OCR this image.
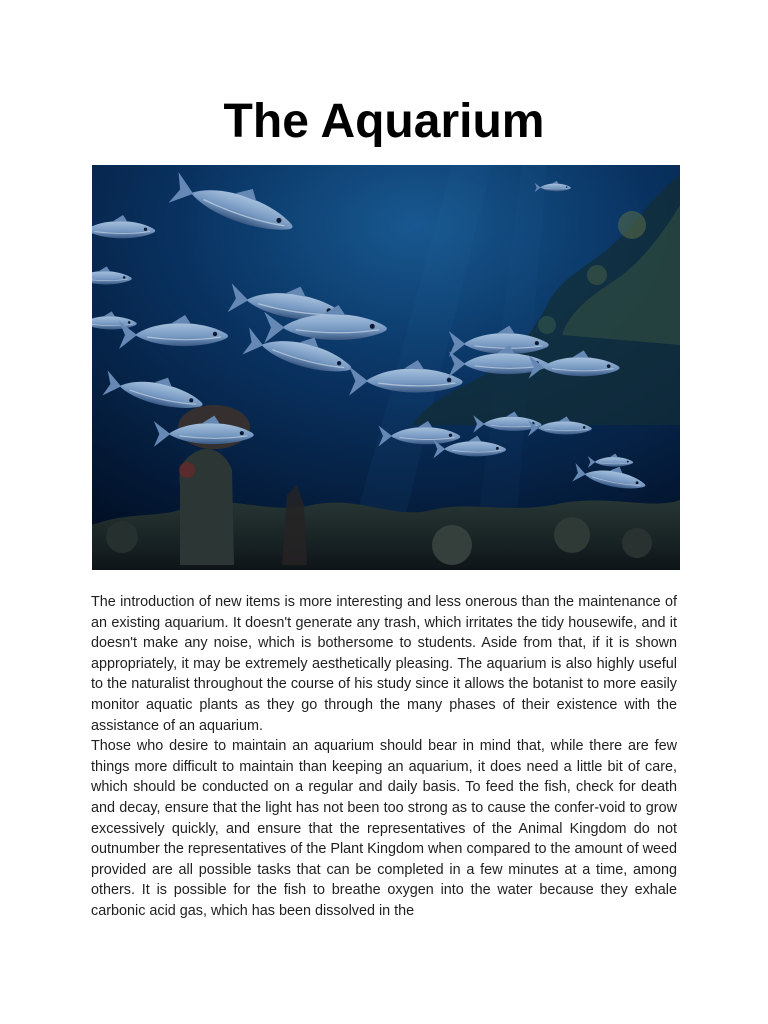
The Aquarium

The introduction of new items is more interesting and less onerous than the maintenance of an existing aquarium. It doesn't generate any trash, which irritates the tidy housewife, and it doesn't make any noise, which is bothersome to students. Aside from that, if it is shown appropriately, it may be extremely aesthetically pleasing. The aquarium is also highly useful to the naturalist throughout the course of his study since it allows the botanist to more easily monitor aquatic plants as they go through the many phases of their existence with the assistance of an aquarium.

Those who desire to maintain an aquarium should bear in mind that, while there are few things more difficult to maintain than keeping an aquarium, it does need a little bit of care, which should be conducted on a regular and daily basis. To feed the fish, check for death and decay, ensure that the light has not been too strong as to cause the confer-void to grow excessively quickly, and ensure that the representatives of the Animal Kingdom do not outnumber the representatives of the Plant Kingdom when compared to the amount of weed provided are all possible tasks that can be completed in a few minutes at a time, among others. It is possible for the fish to breathe oxygen into the water because they exhale carbonic acid gas, which has been dissolved in the
